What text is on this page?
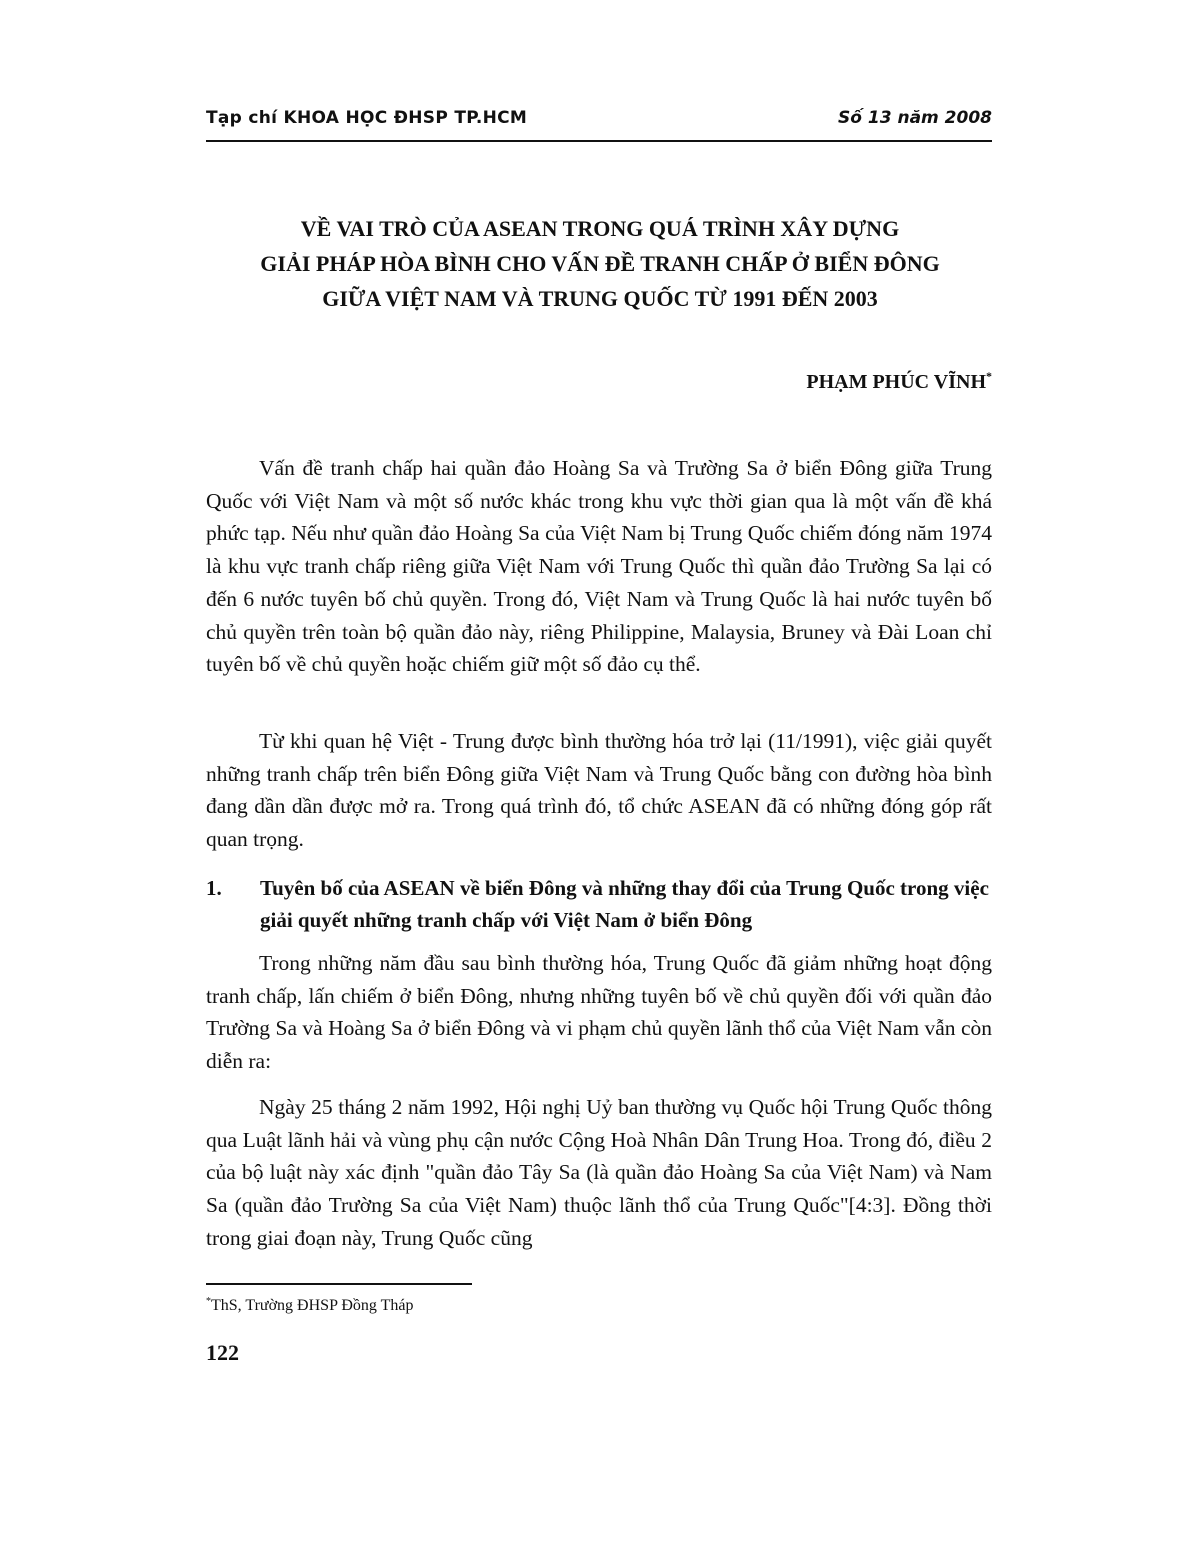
Tạp chí KHOA HỌC ĐHSP TP.HCM	Số 13 năm 2008
VỀ VAI TRÒ CỦA ASEAN TRONG QUÁ TRÌNH XÂY DỰNG
GIẢI PHÁP HÒA BÌNH CHO VẤN ĐỀ TRANH CHẤP Ở BIỂN ĐÔNG
GIỮA VIỆT NAM VÀ TRUNG QUỐC TỪ 1991 ĐẾN 2003
PHẠM PHÚC VĨNH*

Vấn đề tranh chấp hai quần đảo Hoàng Sa và Trường Sa ở biển Đông giữa Trung Quốc với Việt Nam và một số nước khác trong khu vực thời gian qua là một vấn đề khá phức tạp. Nếu như quần đảo Hoàng Sa của Việt Nam bị Trung Quốc chiếm đóng năm 1974 là khu vực tranh chấp riêng giữa Việt Nam với Trung Quốc thì quần đảo Trường Sa lại có đến 6 nước tuyên bố chủ quyền. Trong đó, Việt Nam và Trung Quốc là hai nước tuyên bố chủ quyền trên toàn bộ quần đảo này, riêng Philippine, Malaysia, Bruney và Đài Loan chỉ tuyên bố về chủ quyền hoặc chiếm giữ một số đảo cụ thể.

Từ khi quan hệ Việt - Trung được bình thường hóa trở lại (11/1991), việc giải quyết những tranh chấp trên biển Đông giữa Việt Nam và Trung Quốc bằng con đường hòa bình đang dần dần được mở ra. Trong quá trình đó, tổ chức ASEAN đã có những đóng góp rất quan trọng.

1. Tuyên bố của ASEAN về biển Đông và những thay đổi của Trung Quốc trong việc giải quyết những tranh chấp với Việt Nam ở biển Đông

Trong những năm đầu sau bình thường hóa, Trung Quốc đã giảm những hoạt động tranh chấp, lấn chiếm ở biển Đông, nhưng những tuyên bố về chủ quyền đối với quần đảo Trường Sa và Hoàng Sa ở biển Đông và vi phạm chủ quyền lãnh thổ của Việt Nam vẫn còn diễn ra:

Ngày 25 tháng 2 năm 1992, Hội nghị Uỷ ban thường vụ Quốc hội Trung Quốc thông qua Luật lãnh hải và vùng phụ cận nước Cộng Hoà Nhân Dân Trung Hoa. Trong đó, điều 2 của bộ luật này xác định "quần đảo Tây Sa (là quần đảo Hoàng Sa của Việt Nam) và Nam Sa (quần đảo Trường Sa của Việt Nam) thuộc lãnh thổ của Trung Quốc"[4:3]. Đồng thời trong giai đoạn này, Trung Quốc cũng

*ThS, Trường ĐHSP Đồng Tháp
122
